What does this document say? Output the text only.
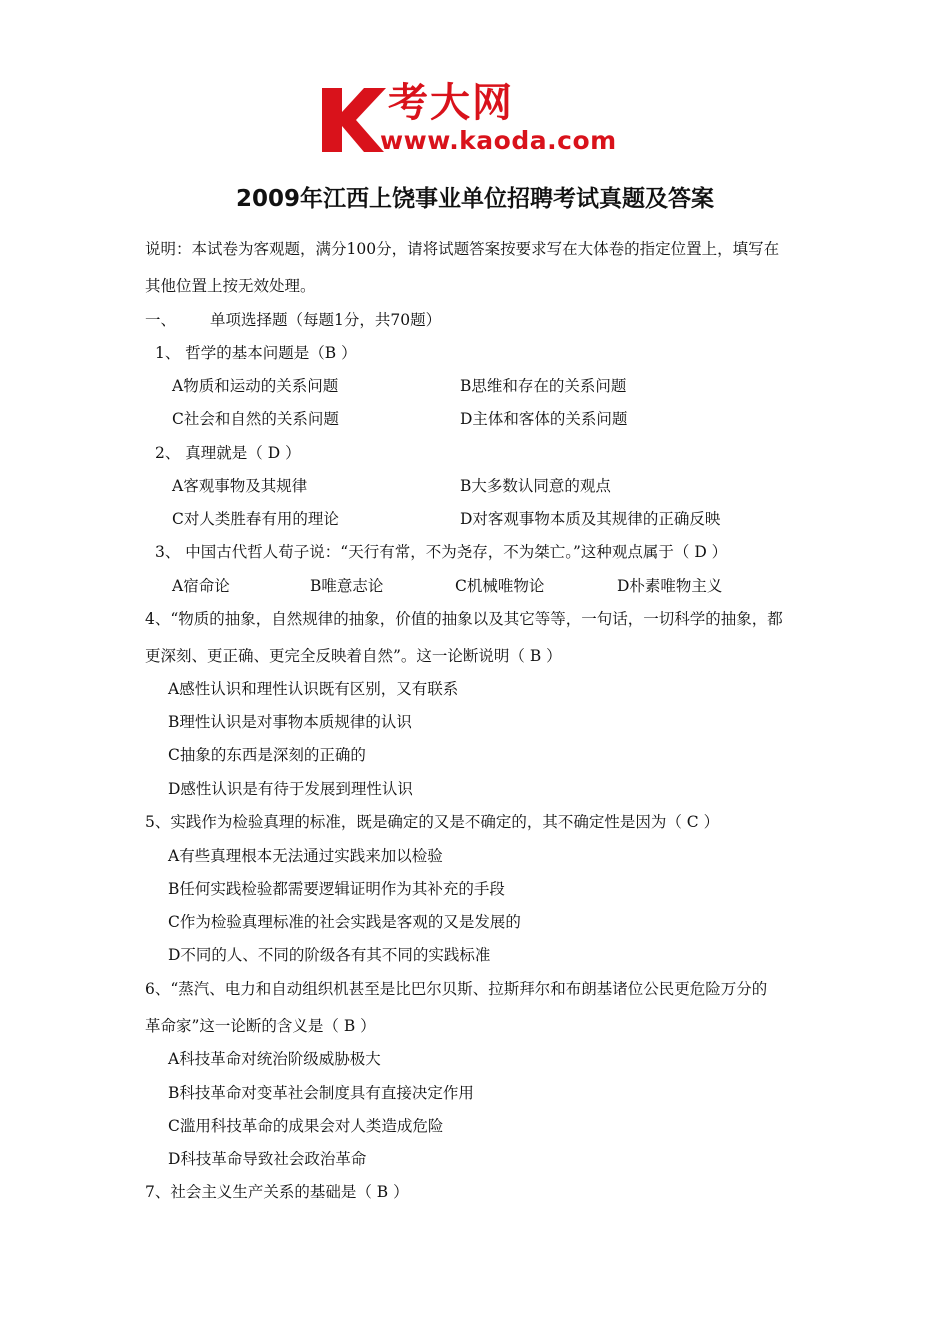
考大网
www.kaoda.com
2009年江西上饶事业单位招聘考试真题及答案
说明：本试卷为客观题，满分100分，请将试题答案按要求写在大体卷的指定位置上，填写在
其他位置上按无效处理。
一、 单项选择题（每题1分，共70题）
1、 哲学的基本问题是（B ）
A物质和运动的关系问题	B思维和存在的关系问题
C社会和自然的关系问题	D主体和客体的关系问题
2、 真理就是（ D ）
A客观事物及其规律	B大多数认同意的观点
C对人类胜春有用的理论	D对客观事物本质及其规律的正确反映
3、 中国古代哲人荀子说：“天行有常，不为尧存，不为桀亡。”这种观点属于（ D ）
A宿命论	B唯意志论	C机械唯物论	D朴素唯物主义
4、“物质的抽象，自然规律的抽象，价值的抽象以及其它等等，一句话，一切科学的抽象，都
更深刻、更正确、更完全反映着自然”。这一论断说明（ B ）
A感性认识和理性认识既有区别，又有联系
B理性认识是对事物本质规律的认识
C抽象的东西是深刻的正确的
D感性认识是有待于发展到理性认识
5、实践作为检验真理的标准，既是确定的又是不确定的，其不确定性是因为（ C ）
A有些真理根本无法通过实践来加以检验
B任何实践检验都需要逻辑证明作为其补充的手段
C作为检验真理标准的社会实践是客观的又是发展的
D不同的人、不同的阶级各有其不同的实践标准
6、“蒸汽、电力和自动组织机甚至是比巴尔贝斯、拉斯拜尔和布朗基诸位公民更危险万分的
革命家”这一论断的含义是（ B ）
A科技革命对统治阶级威胁极大
B科技革命对变革社会制度具有直接决定作用
C滥用科技革命的成果会对人类造成危险
D科技革命导致社会政治革命
7、社会主义生产关系的基础是（ B ）
